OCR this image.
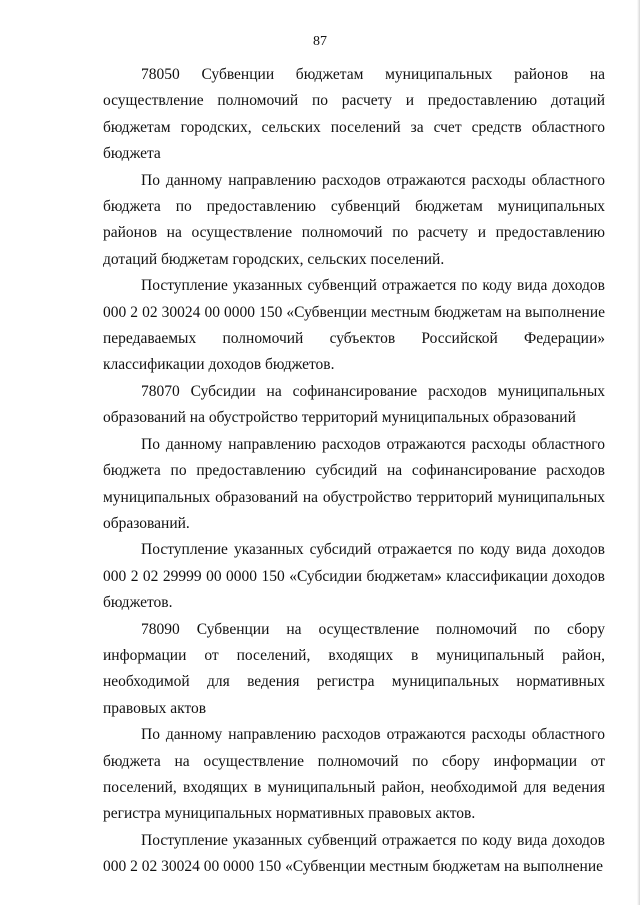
87

78050 Субвенции бюджетам муниципальных районов на осуществление полномочий по расчету и предоставлению дотаций бюджетам городских, сельских поселений за счет средств областного бюджета

По данному направлению расходов отражаются расходы областного бюджета по предоставлению субвенций бюджетам муниципальных районов на осуществление полномочий по расчету и предоставлению дотаций бюджетам городских, сельских поселений.

Поступление указанных субвенций отражается по коду вида доходов 000 2 02 30024 00 0000 150 «Субвенции местным бюджетам на выполнение передаваемых полномочий субъектов Российской Федерации» классификации доходов бюджетов.

78070 Субсидии на софинансирование расходов муниципальных образований на обустройство территорий муниципальных образований

По данному направлению расходов отражаются расходы областного бюджета по предоставлению субсидий на софинансирование расходов муниципальных образований на обустройство территорий муниципальных образований.

Поступление указанных субсидий отражается по коду вида доходов 000 2 02 29999 00 0000 150 «Субсидии бюджетам» классификации доходов бюджетов.

78090 Субвенции на осуществление полномочий по сбору информации от поселений, входящих в муниципальный район, необходимой для ведения регистра муниципальных нормативных правовых актов

По данному направлению расходов отражаются расходы областного бюджета на осуществление полномочий по сбору информации от поселений, входящих в муниципальный район, необходимой для ведения регистра муниципальных нормативных правовых актов.

Поступление указанных субвенций отражается по коду вида доходов 000 2 02 30024 00 0000 150 «Субвенции местным бюджетам на выполнение
